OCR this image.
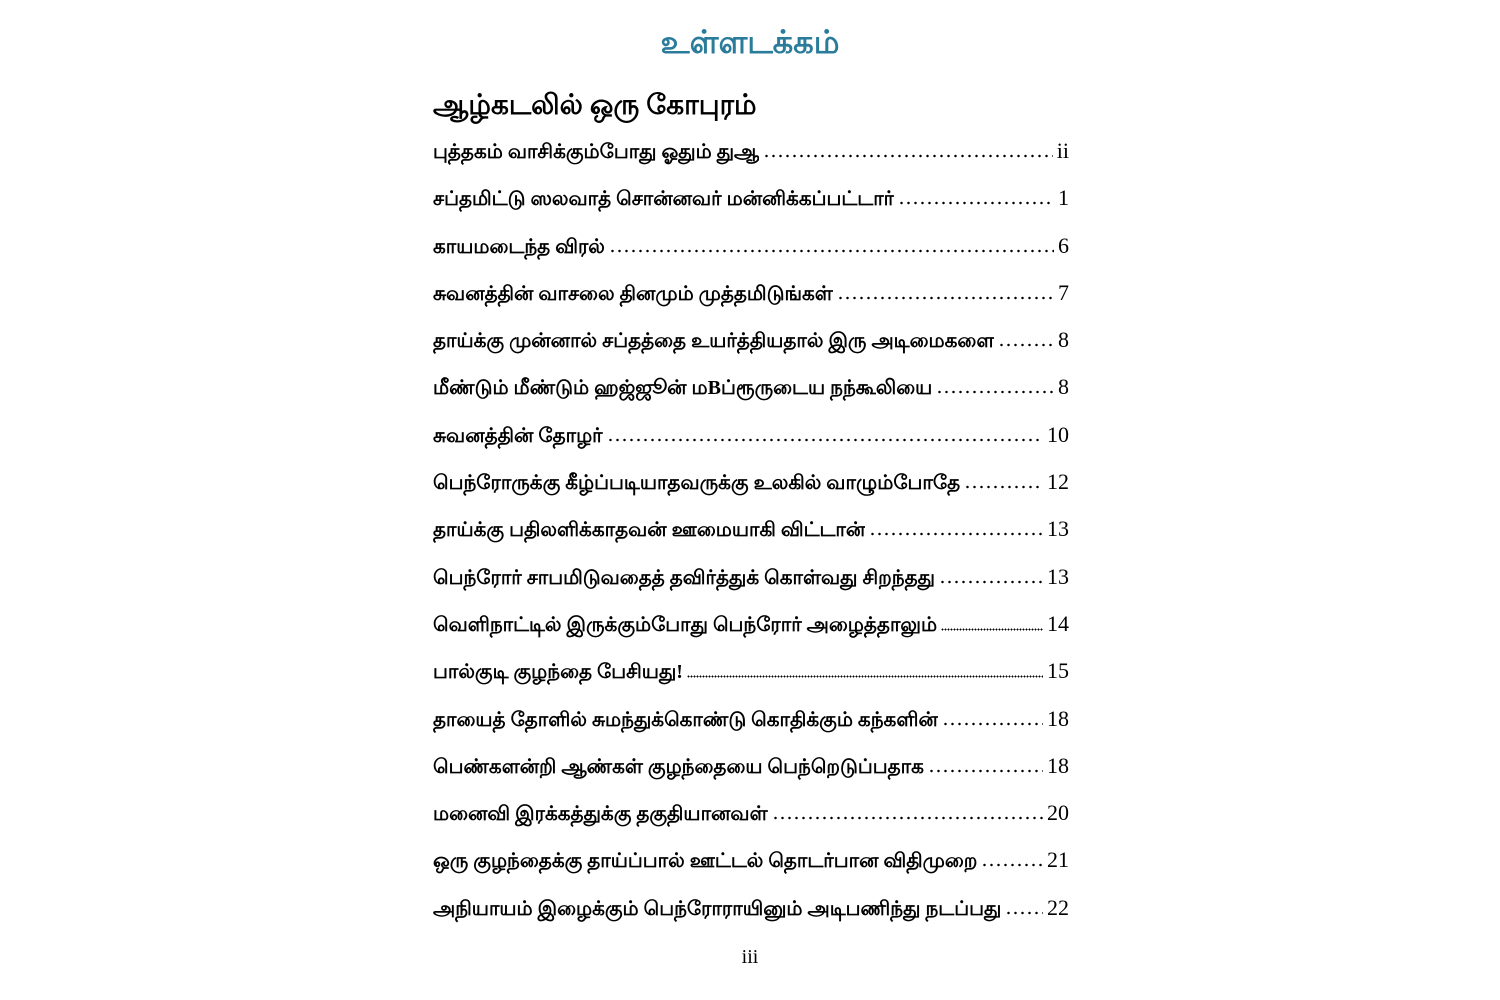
உள்ளடக்கம்
ஆழ்கடலில் ஒரு கோபுரம்
புத்தகம் வாசிக்கும்போது ஓதும் துஆ	ii
சப்தமிட்டு ஸலவாத் சொன்னவர் மன்னிக்கப்பட்டார்	1
காயமடைந்த விரல்	6
சுவனத்தின் வாசலை தினமும் முத்தமிடுங்கள்	7
தாய்க்கு முன்னால் சப்தத்தை உயர்த்தியதால் இரு அடிமைகளை	8
மீண்டும் மீண்டும் ஹஜ்ஜூன் மBப்ரூருடைய நந்கூலியை	8
சுவனத்தின் தோழர்	10
பெந்ரோருக்கு கீழ்ப்படியாதவருக்கு உலகில் வாழும்போதே	12
தாய்க்கு பதிலளிக்காதவன் ஊமையாகி விட்டான்	13
பெந்ரோர் சாபமிடுவதைத் தவிர்த்துக் கொள்வது சிறந்தது	13
வெளிநாட்டில் இருக்கும்போது பெந்ரோர் அழைத்தாலும்	14
பால்குடி குழந்தை பேசியது!	15
தாயைத் தோளில் சுமந்துக்கொண்டு கொதிக்கும் கந்களின்	18
பெண்களன்றி ஆண்கள் குழந்தையை பெந்றெடுப்பதாக	18
மனைவி இரக்கத்துக்கு தகுதியானவள்	20
ஒரு குழந்தைக்கு தாய்ப்பால் ஊட்டல் தொடர்பான விதிமுறை	21
அநியாயம் இழைக்கும் பெந்ரோராயினும் அடிபணிந்து நடப்பது 22
iii
